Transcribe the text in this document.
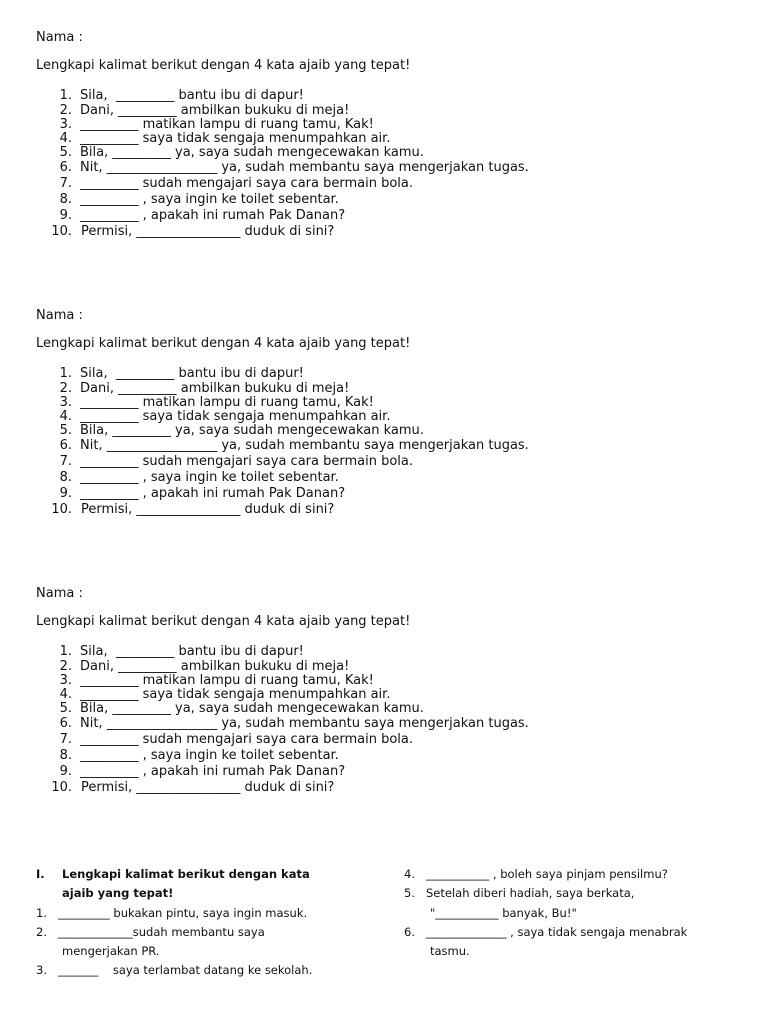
Nama :
Lengkapi kalimat berikut dengan 4 kata ajaib yang tepat!
1. Sila,  _________ bantu ibu di dapur!
2. Dani, _________ ambilkan bukuku di meja!
3. _________ matikan lampu di ruang tamu, Kak!
4. _________ saya tidak sengaja menumpahkan air.
5. Bila, _________ ya, saya sudah mengecewakan kamu.
6. Nit, _________________ ya, sudah membantu saya mengerjakan tugas.
7. _________ sudah mengajari saya cara bermain bola.
8. _________ , saya ingin ke toilet sebentar.
9. _________ , apakah ini rumah Pak Danan?
10. Permisi, ________________ duduk di sini?
Nama :
Lengkapi kalimat berikut dengan 4 kata ajaib yang tepat!
1. Sila,  _________ bantu ibu di dapur!
2. Dani, _________ ambilkan bukuku di meja!
3. _________ matikan lampu di ruang tamu, Kak!
4. _________ saya tidak sengaja menumpahkan air.
5. Bila, _________ ya, saya sudah mengecewakan kamu.
6. Nit, _________________ ya, sudah membantu saya mengerjakan tugas.
7. _________ sudah mengajari saya cara bermain bola.
8. _________ , saya ingin ke toilet sebentar.
9. _________ , apakah ini rumah Pak Danan?
10. Permisi, ________________ duduk di sini?
Nama :
Lengkapi kalimat berikut dengan 4 kata ajaib yang tepat!
1. Sila,  _________ bantu ibu di dapur!
2. Dani, _________ ambilkan bukuku di meja!
3. _________ matikan lampu di ruang tamu, Kak!
4. _________ saya tidak sengaja menumpahkan air.
5. Bila, _________ ya, saya sudah mengecewakan kamu.
6. Nit, _________________ ya, sudah membantu saya mengerjakan tugas.
7. _________ sudah mengajari saya cara bermain bola.
8. _________ , saya ingin ke toilet sebentar.
9. _________ , apakah ini rumah Pak Danan?
10. Permisi, ________________ duduk di sini?
I. Lengkapi kalimat berikut dengan kata
ajaib yang tepat!
1. _________ bukakan pintu, saya ingin masuk.
2. _____________sudah membantu saya
mengerjakan PR.
3. _______    saya terlambat datang ke sekolah.
4. ___________ , boleh saya pinjam pensilmu?
5. Setelah diberi hadiah, saya berkata,
"___________ banyak, Bu!"
6. ______________ , saya tidak sengaja menabrak
tasmu.
